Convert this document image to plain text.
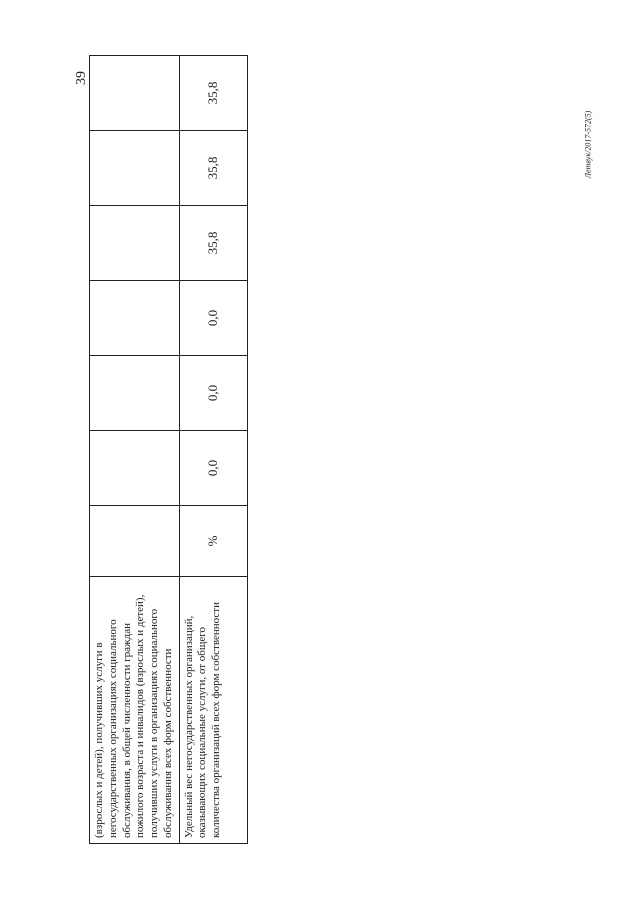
39
Летвук/2017-572(5)
(взрослых и детей), получивших услуги в негосударственных организациях социального обслуживания, в общей численности граждан пожилого возраста и инвалидов (взрослых и детей), получивших услуги в организациях социального обслуживания всех форм собственности							
Удельный вес негосударственных организаций, оказывающих социальные услуги, от общего количества организаций всех форм собственности	%	0,0	0,0	0,0	35,8	35,8	35,8
